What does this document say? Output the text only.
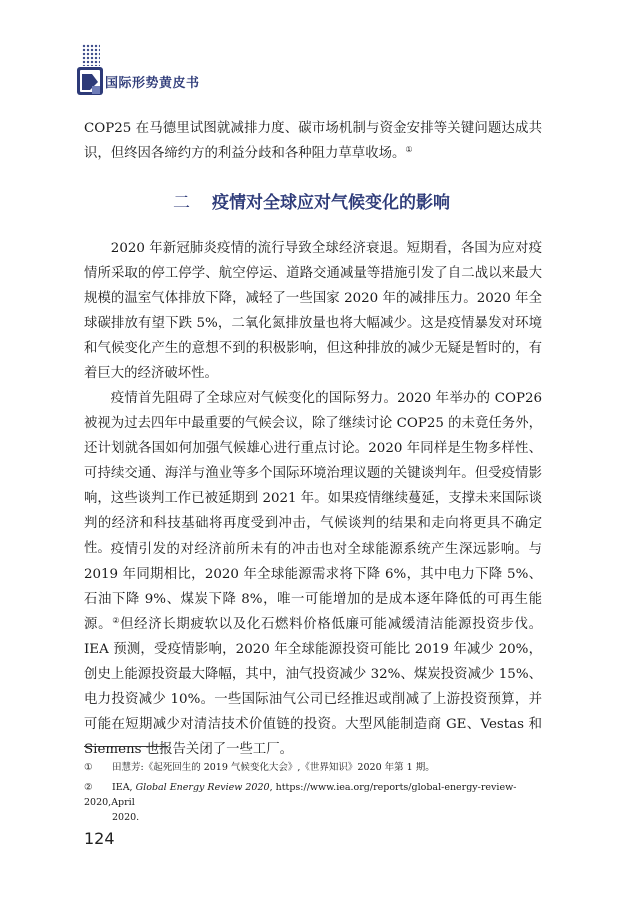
国际形势黄皮书

COP25 在马德里试图就减排力度、碳市场机制与资金安排等关键问题达成共识，但终因各缔约方的利益分歧和各种阻力草草收场。①

二 疫情对全球应对气候变化的影响

2020 年新冠肺炎疫情的流行导致全球经济衰退。短期看，各国为应对疫情所采取的停工停学、航空停运、道路交通减量等措施引发了自二战以来最大规模的温室气体排放下降，减轻了一些国家 2020 年的减排压力。2020 年全球碳排放有望下跌 5%，二氧化氮排放量也将大幅减少。这是疫情暴发对环境和气候变化产生的意想不到的积极影响，但这种排放的减少无疑是暂时的，有着巨大的经济破坏性。

疫情首先阻碍了全球应对气候变化的国际努力。2020 年举办的 COP26 被视为过去四年中最重要的气候会议，除了继续讨论 COP25 的未竟任务外，还计划就各国如何加强气候雄心进行重点讨论。2020 年同样是生物多样性、可持续交通、海洋与渔业等多个国际环境治理议题的关键谈判年。但受疫情影响，这些谈判工作已被延期到 2021 年。如果疫情继续蔓延，支撑未来国际谈判的经济和科技基础将再度受到冲击，气候谈判的结果和走向将更具不确定性。 疫情引发的对经济前所未有的冲击也对全球能源系统产生深远影响。与 2019 年同期相比，2020 年全球能源需求将下降 6%，其中电力下降 5%、石油下降 9%、煤炭下降 8%，唯一可能增加的是成本逐年降低的可再生能源。②但经济长期疲软以及化石燃料价格低廉可能减缓清洁能源投资步伐。IEA 预测，受疫情影响，2020 年全球能源投资可能比 2019 年减少 20%，创史上能源投资最大降幅，其中，油气投资减少 32%、煤炭投资减少 15%、电力投资减少 10%。一些国际油气公司已经推迟或削减了上游投资预算，并可能在短期减少对清洁技术价值链的投资。大型风能制造商 GE、Vestas 和 Siemens 也报告关闭了一些工厂。

① 田慧芳:《起死回生的 2019 气候变化大会》,《世界知识》2020 年第 1 期。

② IEA, Global Energy Review 2020, https://www.iea.org/reports/global-energy-review-2020,April
2020.

124
